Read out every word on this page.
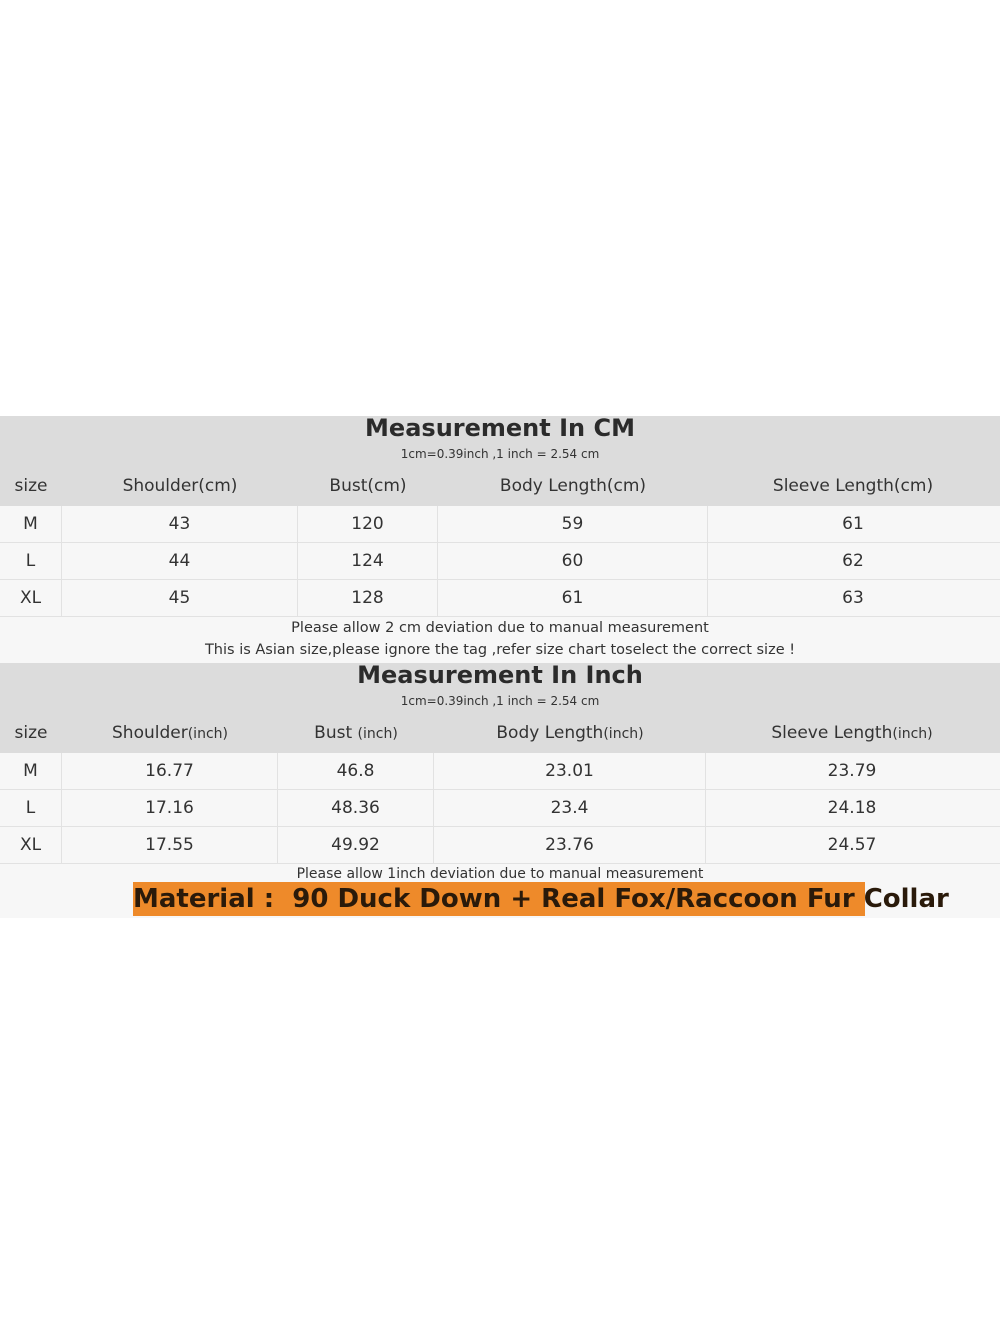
Measurement In CM
1cm=0.39inch ,1 inch = 2.54 cm
size	Shoulder(cm)	Bust(cm)	Body Length(cm)	Sleeve Length(cm)
M	43	120	59	61
L	44	124	60	62
XL	45	128	61	63
Please allow 2 cm deviation due to manual measurement
This is Asian size,please ignore the tag ,refer size chart toselect the correct size !
Measurement In Inch
1cm=0.39inch ,1 inch = 2.54 cm
size	Shoulder(inch)	Bust (inch)	Body Length(inch)	Sleeve Length(inch)
M	16.77	46.8	23.01	23.79
L	17.16	48.36	23.4	24.18
XL	17.55	49.92	23.76	24.57
Please allow 1inch deviation due to manual measurement
Material :  90 Duck Down + Real Fox/Raccoon Fur Collar
